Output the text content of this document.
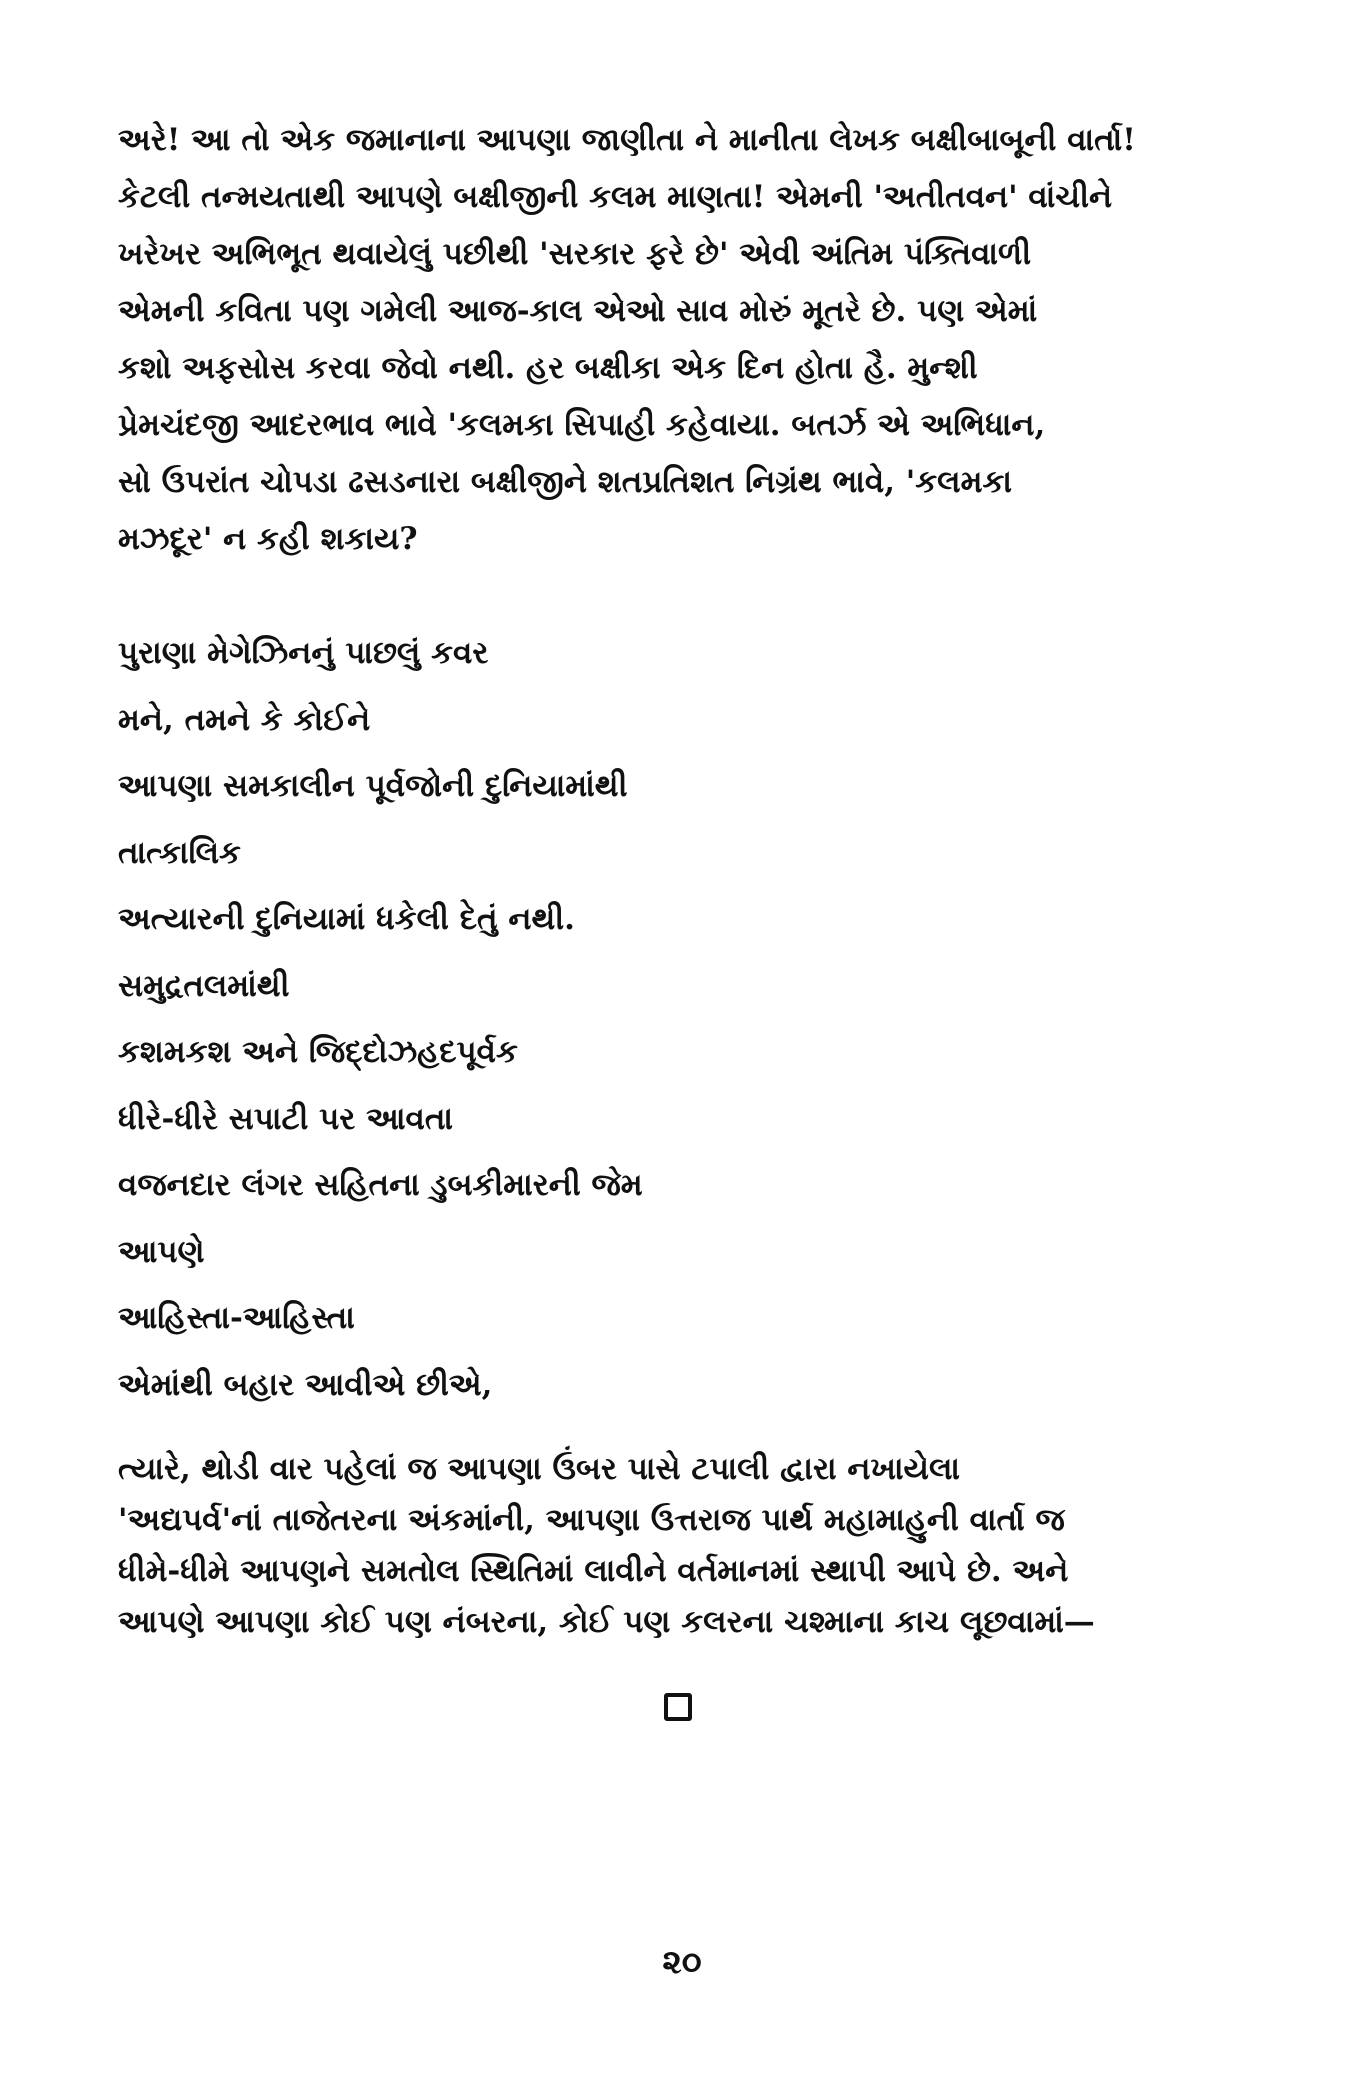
અરે! આ તો એક જમાનાના આપણા જાણીતા ને માનીતા લેખક બક્ષીબાબૂની વાર્તા!
કેટલી તન્મયતાથી આપણે બક્ષીજીની કલમ માણતા! એમની 'અતીતવન' વાંચીને
ખરેખર અભિભૂત થવાયેલું પછીથી 'સરકાર ફરે છે' એવી અંતિમ પંક્તિવાળી
એમની કવિતા પણ ગમેલી આજ-કાલ એઓ સાવ મોરું મૂતરે છે. પણ એમાં
કશો અફસોસ કરવા જેવો નથી. હર બક્ષીકા એક દિન હોતા હૈ. મુન્શી
પ્રેમચંદજી આદરભાવ ભાવે 'કલમકા સિપાહી કહેવાયા. બતર્ઝ એ અભિધાન,
સો ઉપરાંત ચોપડા ઢસડનારા બક્ષીજીને શતપ્રતિશત નિગ્રંથ ભાવે, 'કલમકા
મઝદૂર' ન કહી શકાય?
પુરાણા મેગેઝિનનું પાછલું કવર
મને, તમને કે કોઈને
આપણા સમકાલીન પૂર્વજોની દુનિયામાંથી
તાત્કાલિક
અત્યારની દુનિયામાં ધકેલી દેતું નથી.
સમુદ્રતલમાંથી
કશમકશ અને જિદ્દોઝહદપૂર્વક
ધીરે-ધીરે સપાટી પર આવતા
વજનદાર લંગર સહિતના ડુબકીમારની જેમ
આપણે
આહિસ્તા-આહિસ્તા
એમાંથી બહાર આવીએ છીએ,
ત્યારે, થોડી વાર પહેલાં જ આપણા ઉંબર પાસે ટપાલી દ્વારા નખાયેલા
'અદ્યપર્વ'નાં તાજેતરના અંકમાંની, આપણા ઉત્તરાજ પાર્થ મહામાહુની વાર્તા જ
ધીમે-ધીમે આપણને સમતોલ સ્થિતિમાં લાવીને વર્તમાનમાં સ્થાપી આપે છે. અને
આપણે આપણા કોઈ પણ નંબરના, કોઈ પણ કલરના ચશ્માના કાચ લૂછવામાં—
૨૦
